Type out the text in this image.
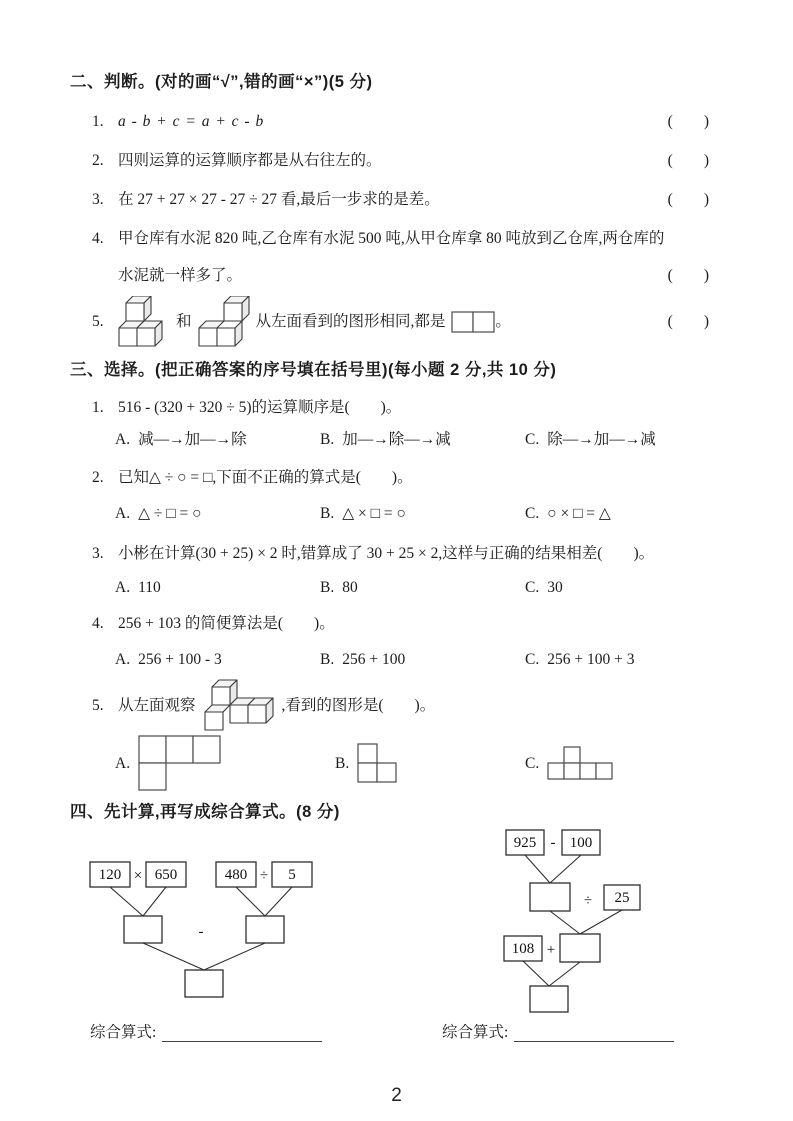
二、判断。(对的画“√”,错的画“×”)(5 分)
1. a - b + c = a + c - b	(　　)
2. 四则运算的运算顺序都是从右往左的。	(　　)
3. 在 27 + 27 × 27 - 27 ÷ 27 看,最后一步求的是差。	(　　)
4. 甲仓库有水泥 820 吨,乙仓库有水泥 500 吨,从甲仓库拿 80 吨放到乙仓库,两仓库的
水泥就一样多了。	(　　)
5.	和	从左面看到的图形相同,都是	。	(　　)
三、选择。(把正确答案的序号填在括号里)(每小题 2 分,共 10 分)
1. 516 - (320 + 320 ÷ 5)的运算顺序是(　　)。
A. 减—→加—→除	B. 加—→除—→减	C. 除—→加—→减
2. 已知△ ÷ ○ = □,下面不正确的算式是(　　)。
A. △ ÷ □ = ○	B. △ × □ = ○	C. ○ × □ = △
3. 小彬在计算(30 + 25) × 2 时,错算成了 30 + 25 × 2,这样与正确的结果相差(　　)。
A. 110	B. 80	C. 30
4. 256 + 103 的简便算法是(　　)。
A. 256 + 100 - 3	B. 256 + 100	C. 256 + 100 + 3
5. 从左面观察	,看到的图形是(　　)。
A.	B.	C.
四、先计算,再写成综合算式。(8 分)
120 × 650	480 ÷ 5
-
925 - 100
÷ 25
108 +
综合算式:	综合算式:
2
